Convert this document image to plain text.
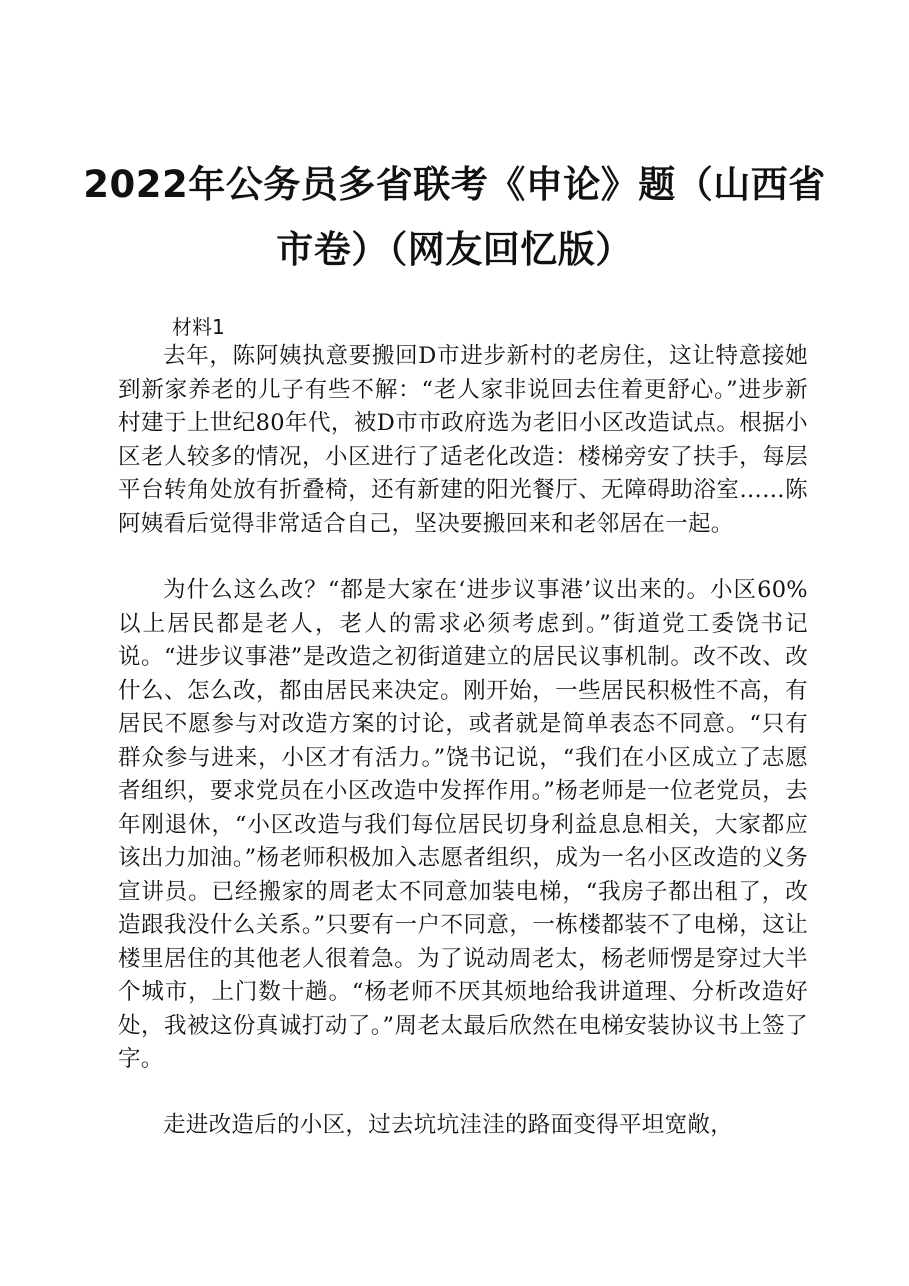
2022年公务员多省联考《申论》题（山西省
市卷）（网友回忆版）

材料1

去年，陈阿姨执意要搬回D市进步新村的老房住，这让特意接她到新家养老的儿子有些不解：“老人家非说回去住着更舒心。”进步新村建于上世纪80年代，被D市市政府选为老旧小区改造试点。根据小区老人较多的情况，小区进行了适老化改造：楼梯旁安了扶手，每层平台转角处放有折叠椅，还有新建的阳光餐厅、无障碍助浴室……陈阿姨看后觉得非常适合自己，坚决要搬回来和老邻居在一起。

为什么这么改？“都是大家在‘进步议事港’议出来的。小区60%以上居民都是老人，老人的需求必须考虑到。”街道党工委饶书记说。“进步议事港”是改造之初街道建立的居民议事机制。改不改、改什么、怎么改，都由居民来决定。刚开始，一些居民积极性不高，有居民不愿参与对改造方案的讨论，或者就是简单表态不同意。“只有群众参与进来，小区才有活力。”饶书记说，“我们在小区成立了志愿者组织，要求党员在小区改造中发挥作用。”杨老师是一位老党员，去年刚退休，“小区改造与我们每位居民切身利益息息相关，大家都应该出力加油。”杨老师积极加入志愿者组织，成为一名小区改造的义务宣讲员。已经搬家的周老太不同意加装电梯，“我房子都出租了，改造跟我没什么关系。”只要有一户不同意，一栋楼都装不了电梯，这让楼里居住的其他老人很着急。为了说动周老太，杨老师愣是穿过大半个城市，上门数十趟。“杨老师不厌其烦地给我讲道理、分析改造好处，我被这份真诚打动了。”周老太最后欣然在电梯安装协议书上签了字。

走进改造后的小区，过去坑坑洼洼的路面变得平坦宽敞，
